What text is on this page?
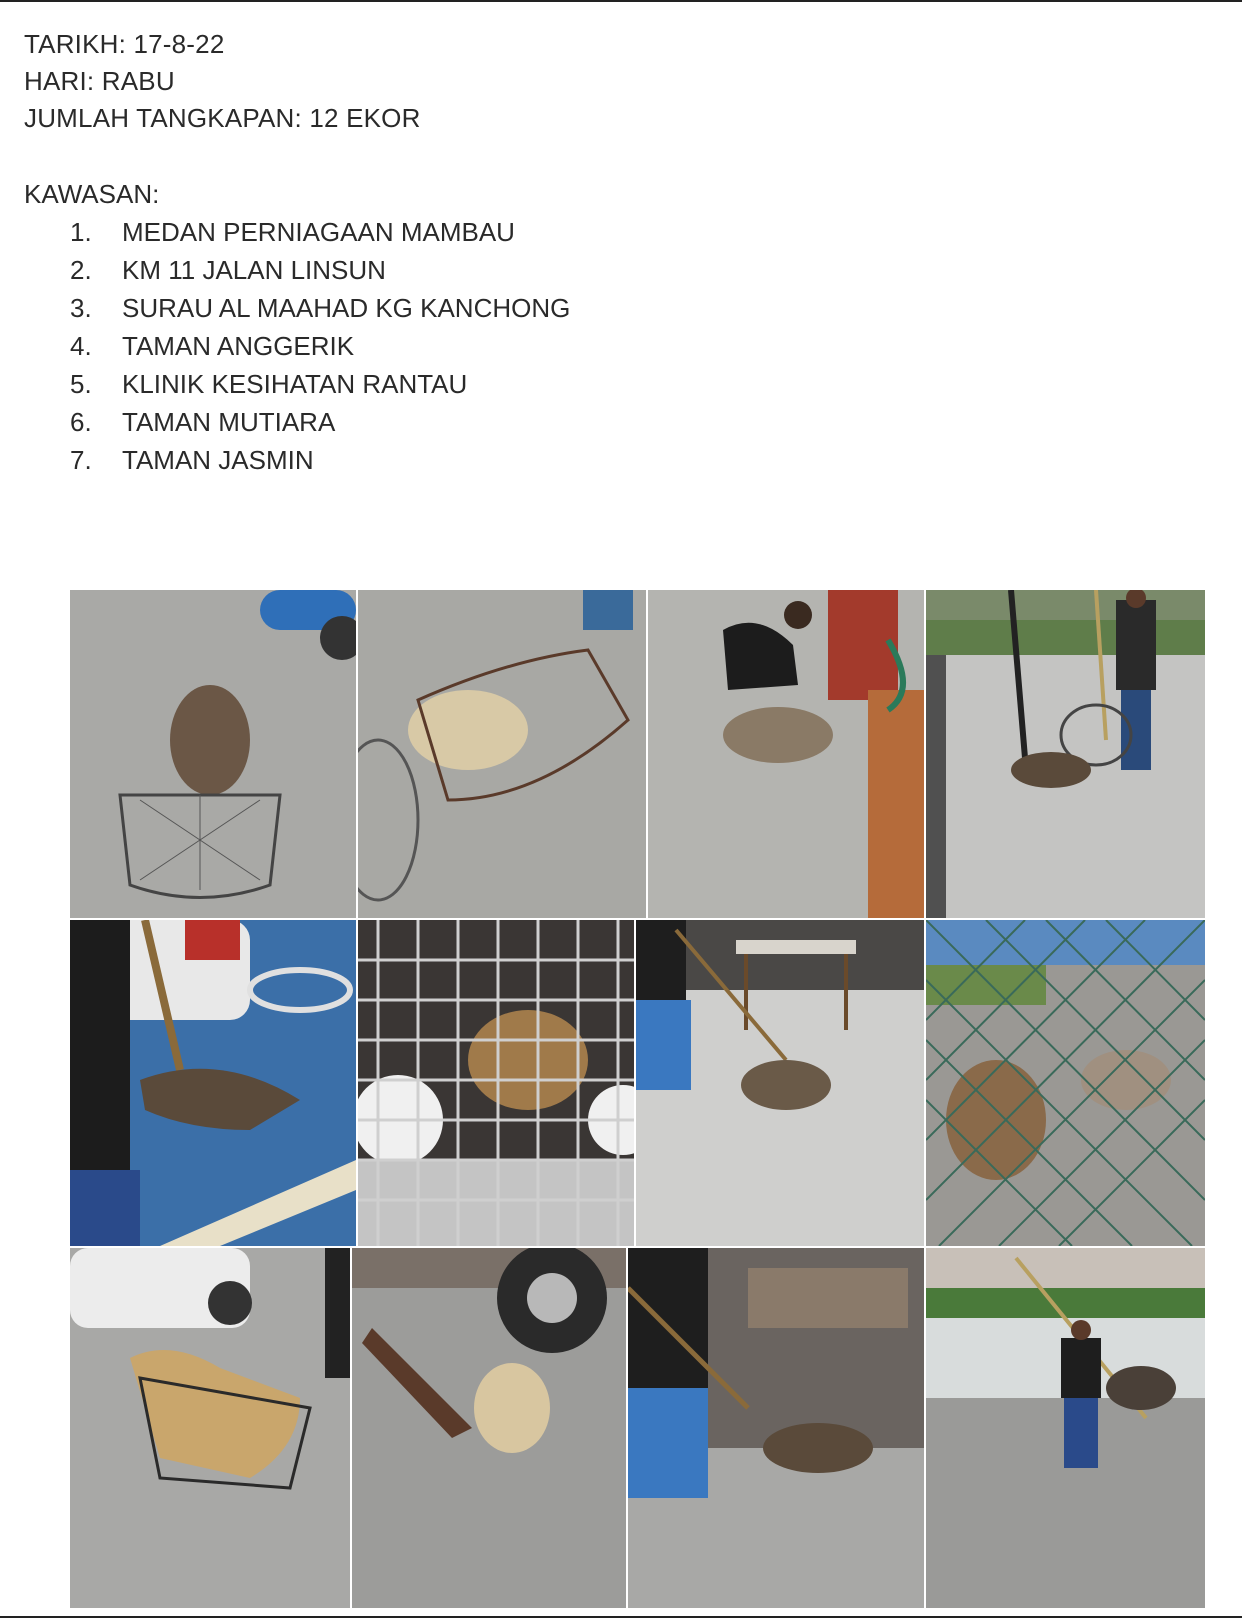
TARIKH: 17-8-22
HARI: RABU
JUMLAH TANGKAPAN: 12 EKOR
KAWASAN:
1.	MEDAN PERNIAGAAN MAMBAU
2.	KM 11 JALAN LINSUN
3.	SURAU AL MAAHAD KG KANCHONG
4.	TAMAN ANGGERIK
5.	KLINIK KESIHATAN RANTAU
6.	TAMAN MUTIARA
7.	TAMAN JASMIN
